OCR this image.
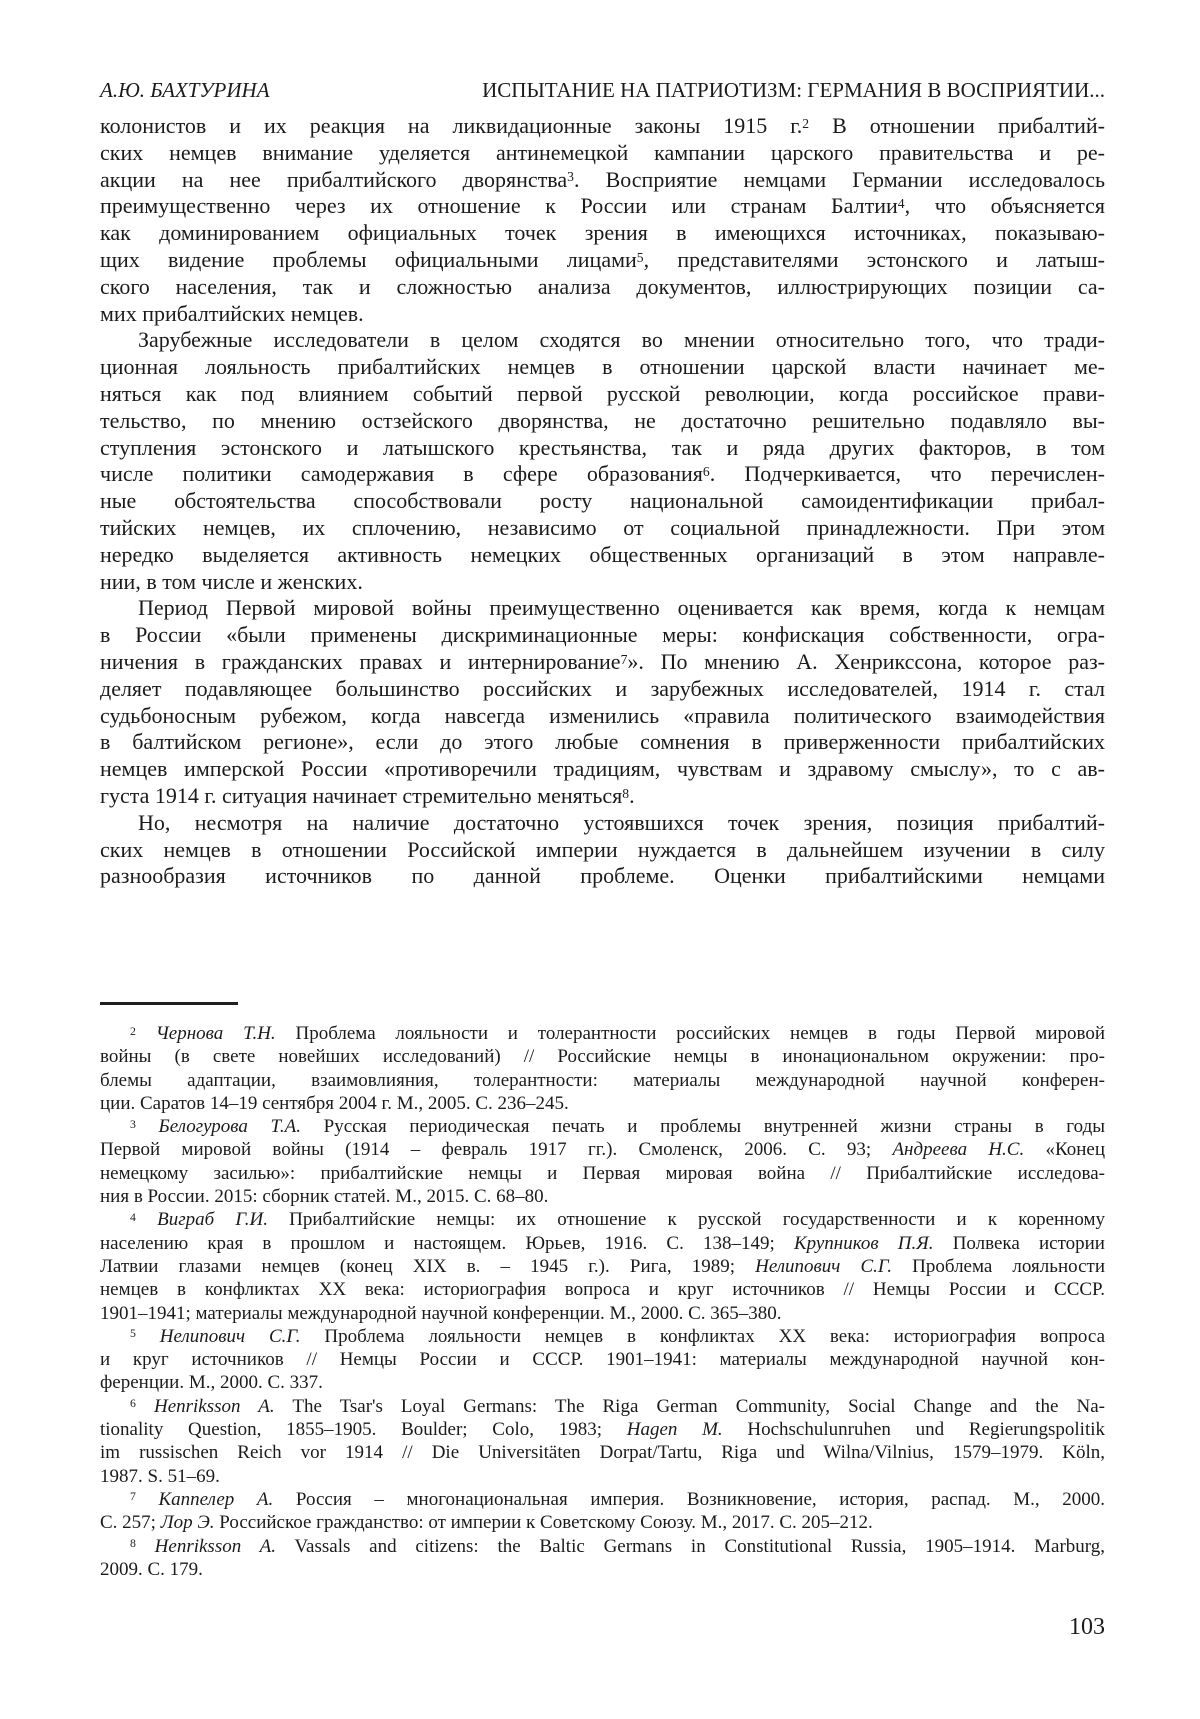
А.Ю. БАХТУРИНА	ИСПЫТАНИЕ НА ПАТРИОТИЗМ: ГЕРМАНИЯ В ВОСПРИЯТИИ...
колонистов и их реакция на ликвидационные законы 1915 г.$^2$ В отношении прибалтий-
ских немцев внимание уделяется антинемецкой кампании царского правительства и ре-
акции на нее прибалтийского дворянства$^3$. Восприятие немцами Германии исследовалось
преимущественно через их отношение к России или странам Балтии$^4$, что объясняется
как доминированием официальных точек зрения в имеющихся источниках, показываю-
щих видение проблемы официальными лицами$^5$, представителями эстонского и латыш-
ского населения, так и сложностью анализа документов, иллюстрирующих позиции са-
мих прибалтийских немцев.
Зарубежные исследователи в целом сходятся во мнении относительно того, что тради-
ционная лояльность прибалтийских немцев в отношении царской власти начинает ме-
няться как под влиянием событий первой русской революции, когда российское прави-
тельство, по мнению остзейского дворянства, не достаточно решительно подавляло вы-
ступления эстонского и латышского крестьянства, так и ряда других факторов, в том
числе политики самодержавия в сфере образования$^6$. Подчеркивается, что перечислен-
ные обстоятельства способствовали росту национальной самоидентификации прибал-
тийских немцев, их сплочению, независимо от социальной принадлежности. При этом
нередко выделяется активность немецких общественных организаций в этом направле-
нии, в том числе и женских.
Период Первой мировой войны преимущественно оценивается как время, когда к немцам
в России «были применены дискриминационные меры: конфискация собственности, огра-
ничения в гражданских правах и интернирование$^7$». По мнению А. Хенрикссона, которое раз-
деляет подавляющее большинство российских и зарубежных исследователей, 1914 г. стал
судьбоносным рубежом, когда навсегда изменились «правила политического взаимодействия
в балтийском регионе», если до этого любые сомнения в приверженности прибалтийских
немцев имперской России «противоречили традициям, чувствам и здравому смыслу», то с ав-
густа 1914 г. ситуация начинает стремительно меняться$^8$.
Но, несмотря на наличие достаточно устоявшихся точек зрения, позиция прибалтий-
ских немцев в отношении Российской империи нуждается в дальнейшем изучении в силу
разнообразия источников по данной проблеме. Оценки прибалтийскими немцами
$^2$ Чернова Т.Н. Проблема лояльности и толерантности российских немцев в годы Первой мировой
войны (в свете новейших исследований) // Российские немцы в инонациональном окружении: про-
блемы адаптации, взаимовлияния, толерантности: материалы международной научной конферен-
ции. Саратов 14–19 сентября 2004 г. М., 2005. С. 236–245.
$^3$ Белогурова Т.А. Русская периодическая печать и проблемы внутренней жизни страны в годы
Первой мировой войны (1914 – февраль 1917 гг.). Смоленск, 2006. С. 93; Андреева Н.С. «Конец
немецкому засилью»: прибалтийские немцы и Первая мировая война // Прибалтийские исследова-
ния в России. 2015: сборник статей. М., 2015. С. 68–80.
$^4$ Виграб Г.И. Прибалтийские немцы: их отношение к русской государственности и к коренному
населению края в прошлом и настоящем. Юрьев, 1916. С. 138–149; Крупников П.Я. Полвека истории
Латвии глазами немцев (конец XIX в. – 1945 г.). Рига, 1989; Нелипович С.Г. Проблема лояльности
немцев в конфликтах XX века: историография вопроса и круг источников // Немцы России и СССР.
1901–1941; материалы международной научной конференции. М., 2000. С. 365–380.
$^5$ Нелипович С.Г. Проблема лояльности немцев в конфликтах XX века: историография вопроса
и круг источников // Немцы России и СССР. 1901–1941: материалы международной научной кон-
ференции. М., 2000. С. 337.
$^6$ Henriksson A. The Tsar's Loyal Germans: The Riga German Community, Social Change and the Na-
tionality Question, 1855–1905. Boulder; Colo, 1983; Hagen M. Hochschulunruhen und Regierungspolitik
im russischen Reich vor 1914 // Die Universitäten Dorpat/Tartu, Riga und Wilna/Vilnius, 1579–1979. Köln,
1987. S. 51–69.
$^7$ Каппелер А. Россия – многонациональная империя. Возникновение, история, распад. М., 2000.
С. 257; Лор Э. Российское гражданство: от империи к Советскому Союзу. М., 2017. С. 205–212.
$^8$ Henriksson A. Vassals and citizens: the Baltic Germans in Constitutional Russia, 1905–1914. Marburg,
2009. С. 179.
103
